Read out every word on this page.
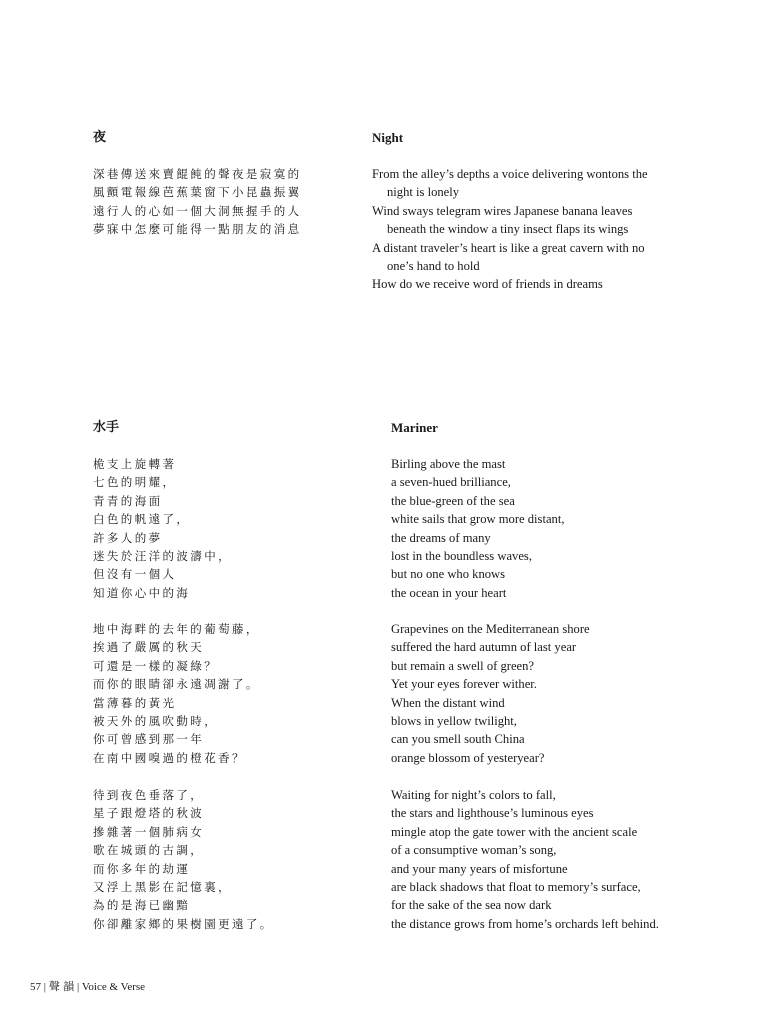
夜
深巷傳送來賣餛飩的聲夜是寂寞的
風顫電報線芭蕉葉窗下小昆蟲振翼
遠行人的心如一個大洞無握手的人
夢寐中怎麼可能得一點朋友的消息
Night
From the alley’s depths a voice delivering wontons the
night is lonely
Wind sways telegram wires Japanese banana leaves
beneath the window a tiny insect flaps its wings
A distant traveler’s heart is like a great cavern with no
one’s hand to hold
How do we receive word of friends in dreams
水手
桅支上旋轉著
七色的明耀，
青青的海面
白色的帆遠了，
許多人的夢
迷失於汪洋的波濤中，
但沒有一個人
知道你心中的海
地中海畔的去年的葡萄藤，
挨過了嚴厲的秋天
可還是一樣的凝綠？
而你的眼睛卻永遠凋謝了。
當薄暮的黃光
被天外的風吹動時，
你可曾感到那一年
在南中國嗅過的橙花香？
待到夜色垂落了，
星子跟燈塔的秋波
摻雜著一個肺病女
歌在城頭的古調，
而你多年的劫運
又浮上黑影在記憶裏，
為的是海已幽黯
你卻離家鄉的果樹園更遠了。
Mariner
Birling above the mast
a seven-hued brilliance,
the blue-green of the sea
white sails that grow more distant,
the dreams of many
lost in the boundless waves,
but no one who knows
the ocean in your heart
Grapevines on the Mediterranean shore
suffered the hard autumn of last year
but remain a swell of green?
Yet your eyes forever wither.
When the distant wind
blows in yellow twilight,
can you smell south China
orange blossom of yesteryear?
Waiting for night’s colors to fall,
the stars and lighthouse’s luminous eyes
mingle atop the gate tower with the ancient scale
of a consumptive woman’s song,
and your many years of misfortune
are black shadows that float to memory’s surface,
for the sake of the sea now dark
the distance grows from home’s orchards left behind.
57 | 聲 韻 | Voice & Verse
